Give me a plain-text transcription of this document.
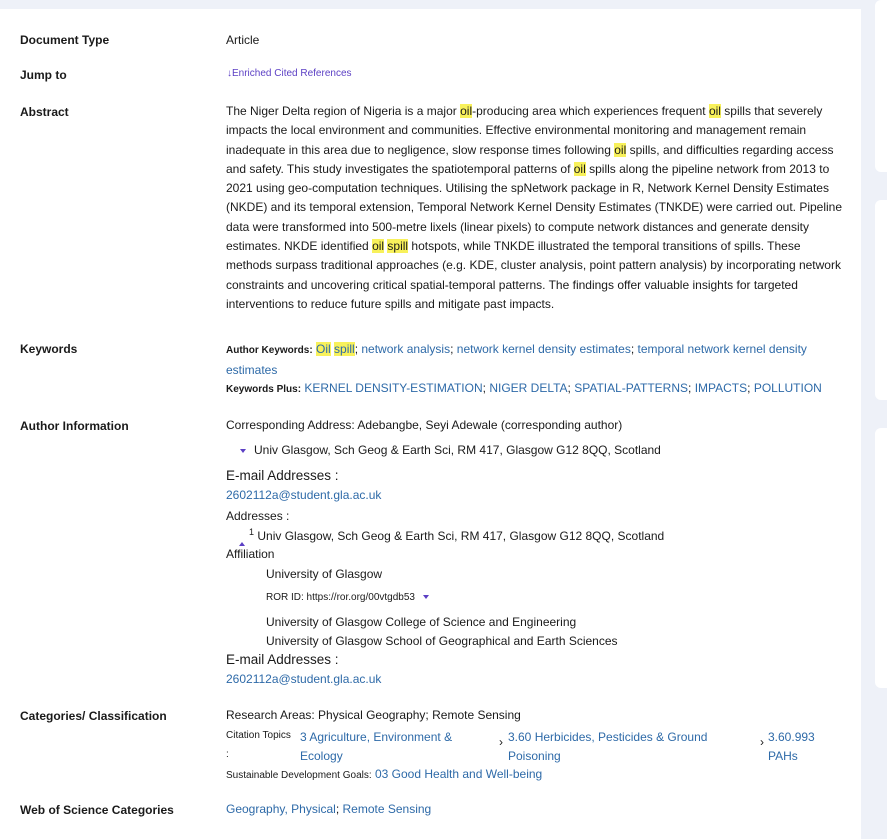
Document Type	Article
Jump to	↓Enriched Cited References
Abstract	The Niger Delta region of Nigeria is a major oil-producing area which experiences frequent oil spills that severely impacts the local environment and communities. Effective environmental monitoring and management remain inadequate in this area due to negligence, slow response times following oil spills, and difficulties regarding access and safety. This study investigates the spatiotemporal patterns of oil spills along the pipeline network from 2013 to 2021 using geo-computation techniques. Utilising the spNetwork package in R, Network Kernel Density Estimates (NKDE) and its temporal extension, Temporal Network Kernel Density Estimates (TNKDE) were carried out. Pipeline data were transformed into 500-metre lixels (linear pixels) to compute network distances and generate density estimates. NKDE identified oil spill hotspots, while TNKDE illustrated the temporal transitions of spills. These methods surpass traditional approaches (e.g. KDE, cluster analysis, point pattern analysis) by incorporating network constraints and uncovering critical spatial-temporal patterns. The findings offer valuable insights for targeted interventions to reduce future spills and mitigate past impacts.
Keywords	Author Keywords: Oil spill; network analysis; network kernel density estimates; temporal network kernel density estimates
Keywords Plus: KERNEL DENSITY-ESTIMATION; NIGER DELTA; SPATIAL-PATTERNS; IMPACTS; POLLUTION
Author Information	Corresponding Address: Adebangbe, Seyi Adewale (corresponding author)
Univ Glasgow, Sch Geog & Earth Sci, RM 417, Glasgow G12 8QQ, Scotland
E-mail Addresses :
2602112a@student.gla.ac.uk
Addresses :
$^1$ Univ Glasgow, Sch Geog & Earth Sci, RM 417, Glasgow G12 8QQ, Scotland
Affiliation
University of Glasgow
ROR ID: https://ror.org/00vtgdb53
University of Glasgow College of Science and Engineering
University of Glasgow School of Geographical and Earth Sciences
E-mail Addresses :
2602112a@student.gla.ac.uk
Categories/ Classification	Research Areas: Physical Geography; Remote Sensing
Citation Topics
:
3 Agriculture, Environment &
Ecology
› 3.60 Herbicides, Pesticides & Ground
Poisoning
› 3.60.993
PAHs
Sustainable Development Goals: 03 Good Health and Well-being
Web of Science Categories	Geography, Physical; Remote Sensing
